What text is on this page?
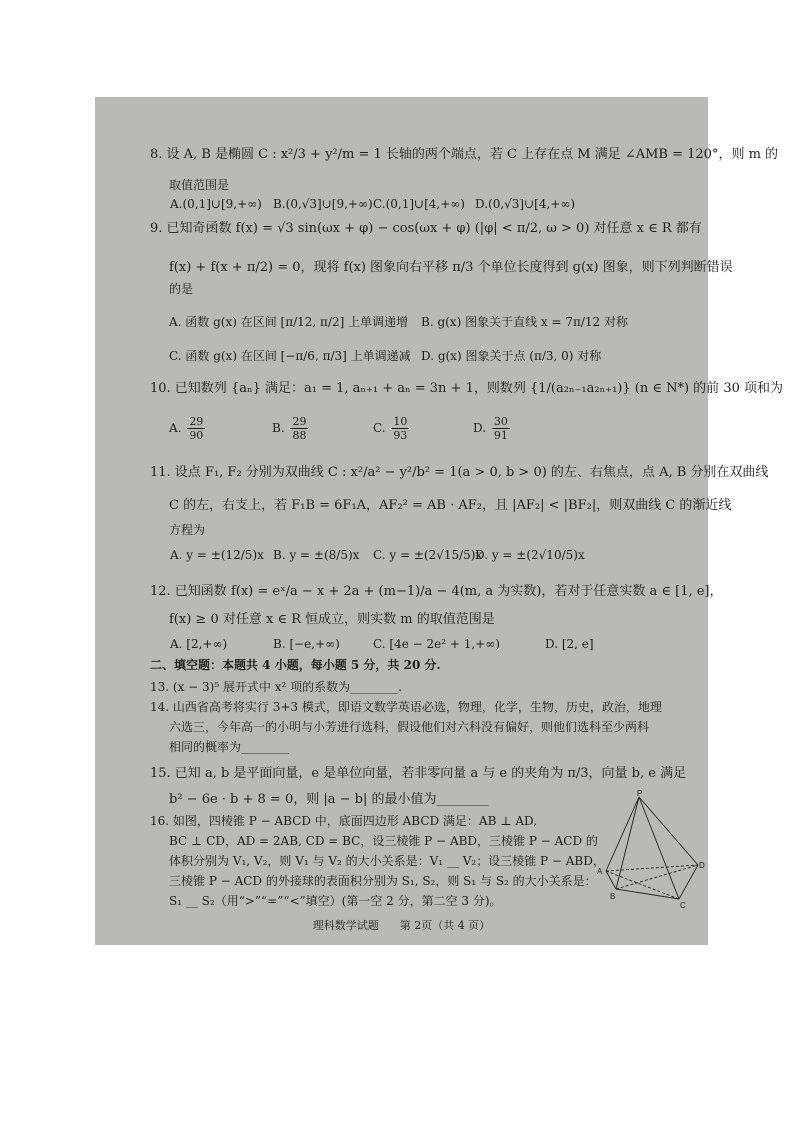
8. 设 A, B 是椭圆 C : x²/3 + y²/m = 1 长轴的两个端点，若 C 上存在点 M 满足 ∠AMB = 120°，则 m 的
取值范围是
A.(0,1]∪[9,+∞) B.(0,√3]∪[9,+∞) C.(0,1]∪[4,+∞) D.(0,√3]∪[4,+∞)
9. 已知奇函数 f(x) = √3 sin(ωx + φ) − cos(ωx + φ) (|φ| < π/2, ω > 0) 对任意 x ∈ R 都有
f(x) + f(x + π/2) = 0，现将 f(x) 图象向右平移 π/3 个单位长度得到 g(x) 图象，则下列判断错误
的是
A. 函数 g(x) 在区间 [π/12, π/2] 上单调递增 B. g(x) 图象关于直线 x = 7π/12 对称
C. 函数 g(x) 在区间 [−π/6, π/3] 上单调递减 D. g(x) 图象关于点 (π/3, 0) 对称
10. 已知数列 {aₙ} 满足：a₁ = 1, aₙ₊₁ + aₙ = 3n + 1，则数列 {1/(a₂ₙ₋₁a₂ₙ₊₁)} (n ∈ N*) 的前 30 项和为
A. $\frac{29}{90}$	B. $\frac{29}{88}$	C. $\frac{10}{93}$	D. $\frac{30}{91}$
11. 设点 F₁, F₂ 分别为双曲线 C : x²/a² − y²/b² = 1(a > 0, b > 0) 的左、右焦点，点 A, B 分别在双曲线
C 的左，右支上，若 F₁B = 6F₁A，AF₂² = AB · AF₂，且 |AF₂| < |BF₂|，则双曲线 C 的渐近线
方程为
A. y = ±(12/5)x B. y = ±(8/5)x C. y = ±(2√15/5)x
D. y = ±(2√10/5)x
12. 已知函数 f(x) = eˣ/a − x + 2a + (m−1)/a − 4(m, a 为实数)，若对于任意实数 a ∈ [1, e]，
f(x) ≥ 0 对任意 x ∈ R 恒成立，则实数 m 的取值范围是
A. [2,+∞)	B. [−e,+∞)	C. [4e − 2e² + 1,+∞)	D. [2, e]
二、填空题：本题共 4 小题，每小题 5 分，共 20 分.
13. (x − 3)⁵ 展开式中 x² 项的系数为________.
14. 山西省高考将实行 3+3 模式，即语文数学英语必选，物理，化学，生物，历史，政治，地理
六选三，今年高一的小明与小芳进行选科，假设他们对六科没有偏好，则他们选科至少两科
相同的概率为________
15. 已知 a, b 是平面向量，e 是单位向量，若非零向量 a 与 e 的夹角为 π/3，向量 b, e 满足
b² − 6e · b + 8 = 0，则 |a − b| 的最小值为________
16. 如图，四棱锥 P − ABCD 中，底面四边形 ABCD 满足：AB ⊥ AD,
BC ⊥ CD，AD = 2AB, CD = BC，设三棱锥 P − ABD，三棱锥 P − ACD 的
体积分别为 V₁, V₂，则 V₁ 与 V₂ 的大小关系是：V₁ __ V₂；设三棱锥 P − ABD，
三棱锥 P − ACD 的外接球的表面积分别为 S₁, S₂，则 S₁ 与 S₂ 的大小关系是：
S₁ __ S₂（用“>”“=”“<”填空）(第一空 2 分，第二空 3 分)。
P
A
B
C
D
理科数学试题 第 2页（共 4 页）
